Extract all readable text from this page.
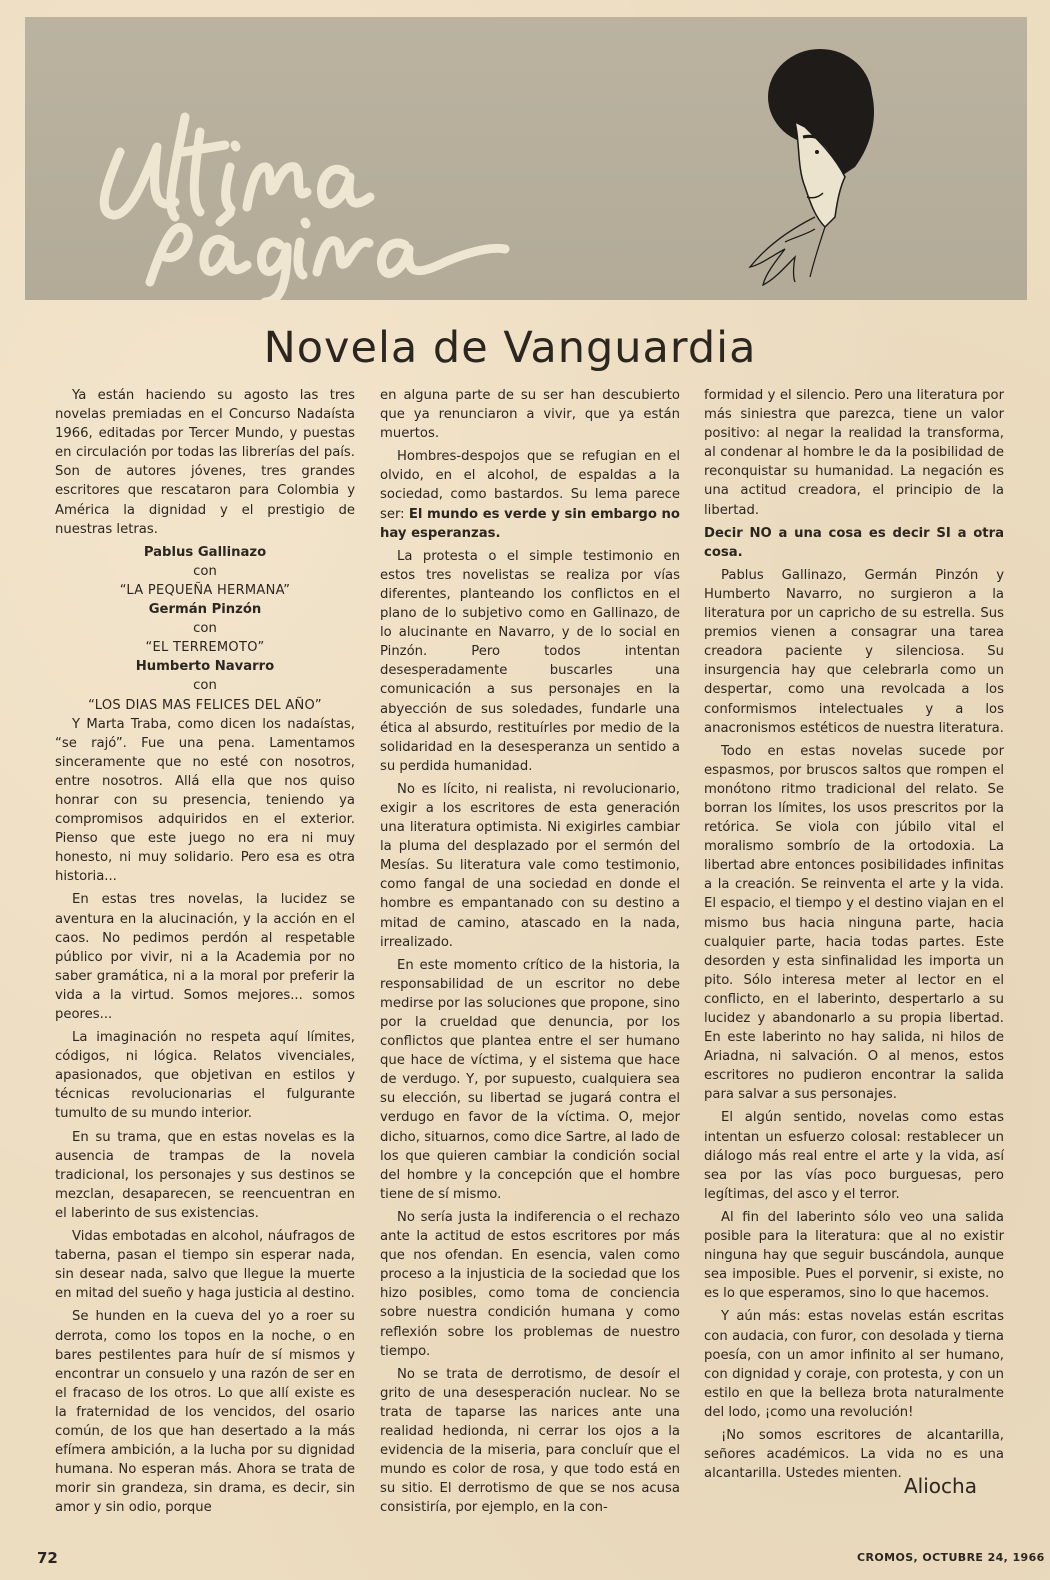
Novela de Vanguardia

Ya están haciendo su agosto las tres novelas premiadas en el Concurso Nadaísta 1966, editadas por Tercer Mundo, y puestas en circulación por todas las librerías del país. Son de autores jóvenes, tres grandes escritores que rescataron para Colombia y América la dignidad y el prestigio de nuestras letras.

Pablus Gallinazo
con
“LA PEQUEÑA HERMANA”
Germán Pinzón
con
“EL TERREMOTO”
Humberto Navarro
con
“LOS DIAS MAS FELICES DEL AÑO”

Y Marta Traba, como dicen los nadaístas, “se rajó”. Fue una pena. Lamentamos sinceramente que no esté con nosotros, entre nosotros. Allá ella que nos quiso honrar con su presencia, teniendo ya compromisos adquiridos en el exterior. Pienso que este juego no era ni muy honesto, ni muy solidario. Pero esa es otra historia...

En estas tres novelas, la lucidez se aventura en la alucinación, y la acción en el caos. No pedimos perdón al respetable público por vivir, ni a la Academia por no saber gramática, ni a la moral por preferir la vida a la virtud. Somos mejores... somos peores...

La imaginación no respeta aquí límites, códigos, ni lógica. Relatos vivenciales, apasionados, que objetivan en estilos y técnicas revolucionarias el fulgurante tumulto de su mundo interior.

En su trama, que en estas novelas es la ausencia de trampas de la novela tradicional, los personajes y sus destinos se mezclan, desaparecen, se reencuentran en el laberinto de sus existencias.

Vidas embotadas en alcohol, náufragos de taberna, pasan el tiempo sin esperar nada, sin desear nada, salvo que llegue la muerte en mitad del sueño y haga justicia al destino.

Se hunden en la cueva del yo a roer su derrota, como los topos en la noche, o en bares pestilentes para huír de sí mismos y encontrar un consuelo y una razón de ser en el fracaso de los otros. Lo que allí existe es la fraternidad de los vencidos, del osario común, de los que han desertado a la más efímera ambición, a la lucha por su dignidad humana. No esperan más. Ahora se trata de morir sin grandeza, sin drama, es decir, sin amor y sin odio, porque

en alguna parte de su ser han descubierto que ya renunciaron a vivir, que ya están muertos.

Hombres-despojos que se refugian en el olvido, en el alcohol, de espaldas a la sociedad, como bastardos. Su lema parece ser: El mundo es verde y sin embargo no hay esperanzas.

La protesta o el simple testimonio en estos tres novelistas se realiza por vías diferentes, planteando los conflictos en el plano de lo subjetivo como en Gallinazo, de lo alucinante en Navarro, y de lo social en Pinzón. Pero todos intentan desesperadamente buscarles una comunicación a sus personajes en la abyección de sus soledades, fundarle una ética al absurdo, restituírles por medio de la solidaridad en la desesperanza un sentido a su perdida humanidad.

No es lícito, ni realista, ni revolucionario, exigir a los escritores de esta generación una literatura optimista. Ni exigirles cambiar la pluma del desplazado por el sermón del Mesías. Su literatura vale como testimonio, como fangal de una sociedad en donde el hombre es empantanado con su destino a mitad de camino, atascado en la nada, irrealizado.

En este momento crítico de la historia, la responsabilidad de un escritor no debe medirse por las soluciones que propone, sino por la crueldad que denuncia, por los conflictos que plantea entre el ser humano que hace de víctima, y el sistema que hace de verdugo. Y, por supuesto, cualquiera sea su elección, su libertad se jugará contra el verdugo en favor de la víctima. O, mejor dicho, situarnos, como dice Sartre, al lado de los que quieren cambiar la condición social del hombre y la concepción que el hombre tiene de sí mismo.

No sería justa la indiferencia o el rechazo ante la actitud de estos escritores por más que nos ofendan. En esencia, valen como proceso a la injusticia de la sociedad que los hizo posibles, como toma de conciencia sobre nuestra condición humana y como reflexión sobre los problemas de nuestro tiempo.

No se trata de derrotismo, de desoír el grito de una desesperación nuclear. No se trata de taparse las narices ante una realidad hedionda, ni cerrar los ojos a la evidencia de la miseria, para concluír que el mundo es color de rosa, y que todo está en su sitio. El derrotismo de que se nos acusa consistiría, por ejemplo, en la con-

formidad y el silencio. Pero una literatura por más siniestra que parezca, tiene un valor positivo: al negar la realidad la transforma, al condenar al hombre le da la posibilidad de reconquistar su humanidad. La negación es una actitud creadora, el principio de la libertad.

Decir NO a una cosa es decir SI a otra cosa.

Pablus Gallinazo, Germán Pinzón y Humberto Navarro, no surgieron a la literatura por un capricho de su estrella. Sus premios vienen a consagrar una tarea creadora paciente y silenciosa. Su insurgencia hay que celebrarla como un despertar, como una revolcada a los conformismos intelectuales y a los anacronismos estéticos de nuestra literatura.

Todo en estas novelas sucede por espasmos, por bruscos saltos que rompen el monótono ritmo tradicional del relato. Se borran los límites, los usos prescritos por la retórica. Se viola con júbilo vital el moralismo sombrío de la ortodoxia. La libertad abre entonces posibilidades infinitas a la creación. Se reinventa el arte y la vida. El espacio, el tiempo y el destino viajan en el mismo bus hacia ninguna parte, hacia cualquier parte, hacia todas partes. Este desorden y esta sinfinalidad les importa un pito. Sólo interesa meter al lector en el conflicto, en el laberinto, despertarlo a su lucidez y abandonarlo a su propia libertad. En este laberinto no hay salida, ni hilos de Ariadna, ni salvación. O al menos, estos escritores no pudieron encontrar la salida para salvar a sus personajes.

El algún sentido, novelas como estas intentan un esfuerzo colosal: restablecer un diálogo más real entre el arte y la vida, así sea por las vías poco burguesas, pero legítimas, del asco y el terror.

Al fin del laberinto sólo veo una salida posible para la literatura: que al no existir ninguna hay que seguir buscándola, aunque sea imposible. Pues el porvenir, si existe, no es lo que esperamos, sino lo que hacemos.

Y aún más: estas novelas están escritas con audacia, con furor, con desolada y tierna poesía, con un amor infinito al ser humano, con dignidad y coraje, con protesta, y con un estilo en que la belleza brota naturalmente del lodo, ¡como una revolución!

¡No somos escritores de alcantarilla, señores académicos. La vida no es una alcantarilla. Ustedes mienten.

Aliocha
72	CROMOS, OCTUBRE 24, 1966
